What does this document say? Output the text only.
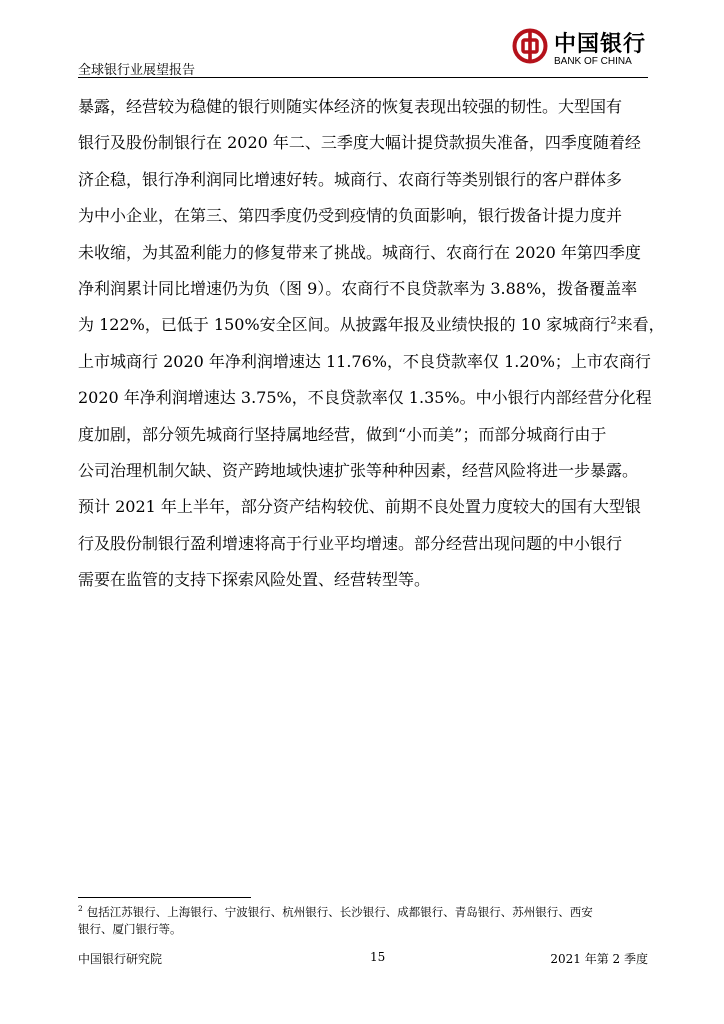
全球银行业展望报告
中国银行
BANK OF CHINA
暴露，经营较为稳健的银行则随实体经济的恢复表现出较强的韧性。大型国有
银行及股份制银行在 2020 年二、三季度大幅计提贷款损失准备，四季度随着经
济企稳，银行净利润同比增速好转。城商行、农商行等类别银行的客户群体多
为中小企业，在第三、第四季度仍受到疫情的负面影响，银行拨备计提力度并
未收缩，为其盈利能力的修复带来了挑战。城商行、农商行在 2020 年第四季度
净利润累计同比增速仍为负（图 9）。农商行不良贷款率为 3.88%，拨备覆盖率
为 122%，已低于 150%安全区间。从披露年报及业绩快报的 10 家城商行$^2$来看，
上市城商行 2020 年净利润增速达 11.76%，不良贷款率仅 1.20%；上市农商行
2020 年净利润增速达 3.75%，不良贷款率仅 1.35%。中小银行内部经营分化程
度加剧，部分领先城商行坚持属地经营，做到“小而美”；而部分城商行由于
公司治理机制欠缺、资产跨地域快速扩张等种种因素，经营风险将进一步暴露。
预计 2021 年上半年，部分资产结构较优、前期不良处置力度较大的国有大型银
行及股份制银行盈利增速将高于行业平均增速。部分经营出现问题的中小银行
需要在监管的支持下探索风险处置、经营转型等。
$^2$ 包括江苏银行、上海银行、宁波银行、杭州银行、长沙银行、成都银行、青岛银行、苏州银行、西安
银行、厦门银行等。
中国银行研究院	15	2021 年第 2 季度
